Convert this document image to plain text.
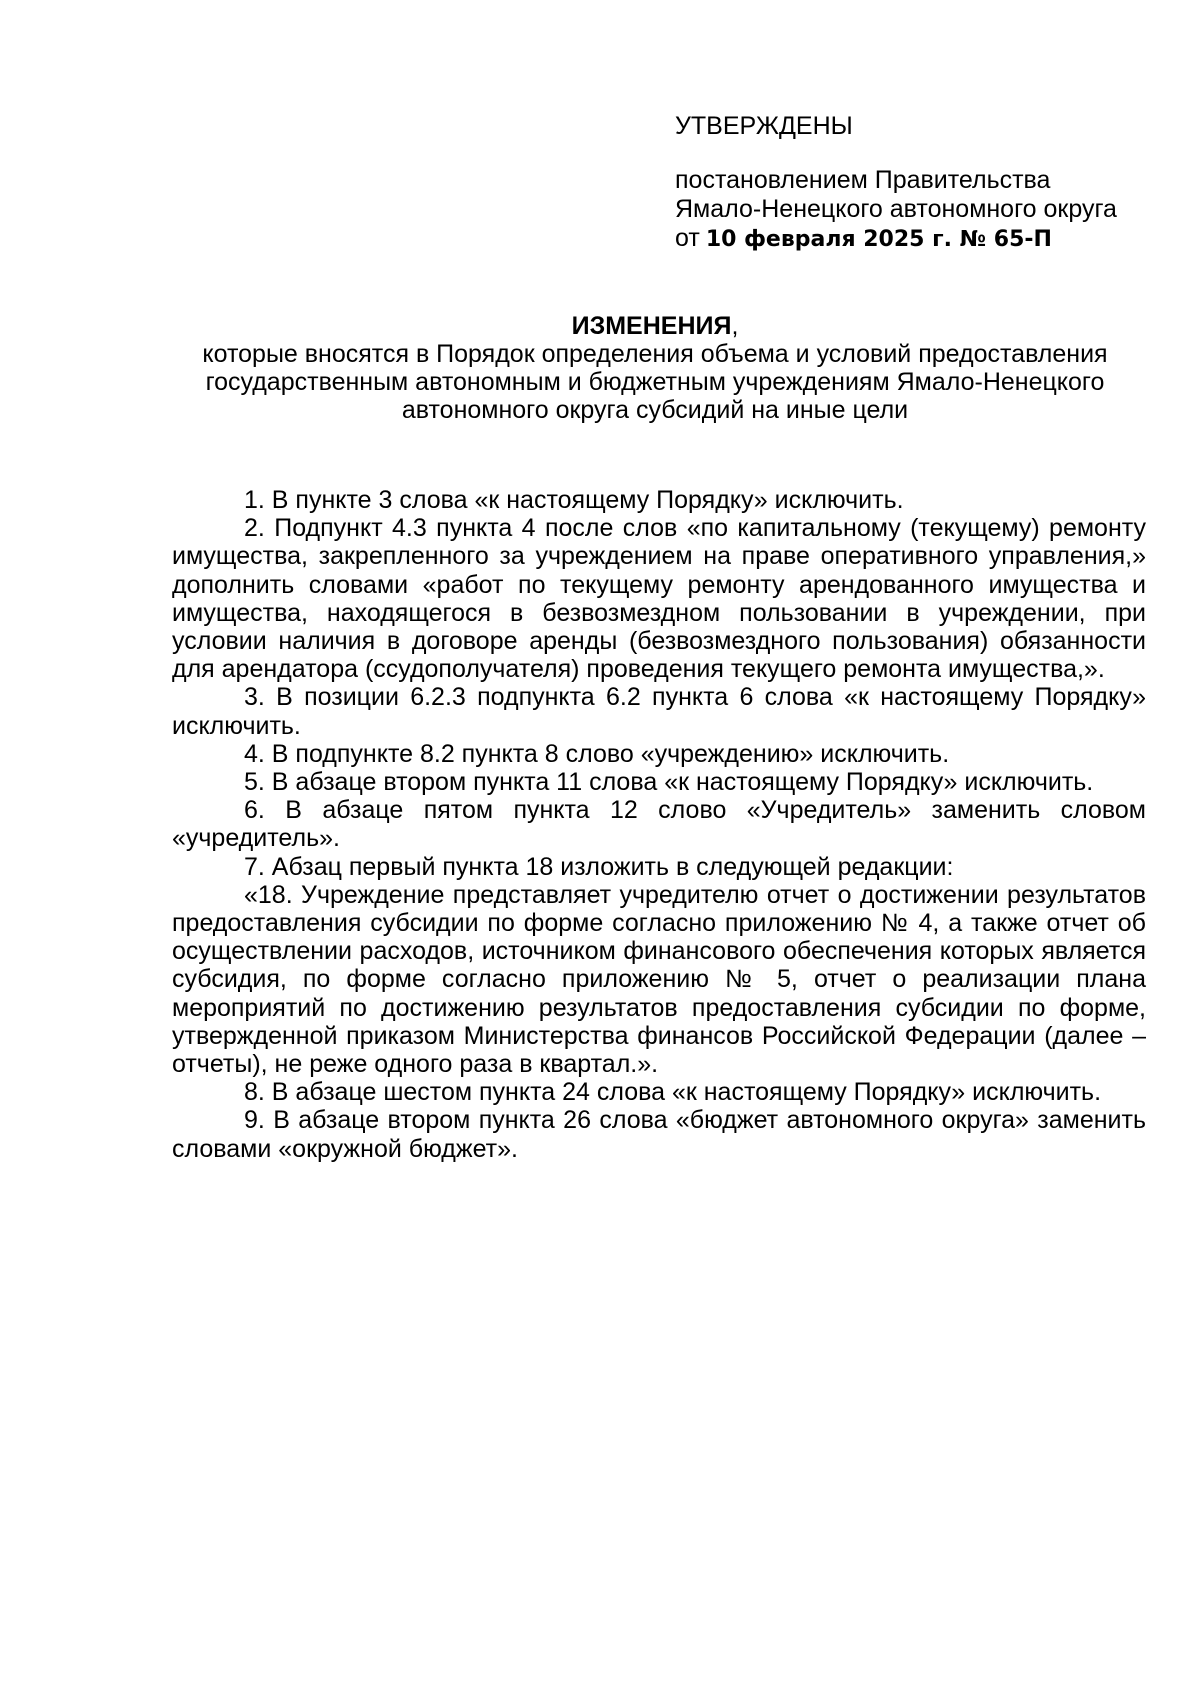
УТВЕРЖДЕНЫ

постановлением Правительства

Ямало-Ненецкого автономного округа

от 10 февраля 2025 г. № 65-П

ИЗМЕНЕНИЯ,

которые вносятся в Порядок определения объема и условий предоставления государственным автономным и бюджетным учреждениям Ямало-Ненецкого автономного округа субсидий на иные цели

1. В пункте 3 слова «к настоящему Порядку» исключить.

2. Подпункт 4.3 пункта 4 после слов «по капитальному (текущему) ремонту имущества, закрепленного за учреждением на праве оперативного управления,» дополнить словами «работ по текущему ремонту арендованного имущества и имущества, находящегося в безвозмездном пользовании в учреждении, при условии наличия в договоре аренды (безвозмездного пользования) обязанности для арендатора (ссудополучателя) проведения текущего ремонта имущества,».

3. В позиции 6.2.3 подпункта 6.2 пункта 6 слова «к настоящему Порядку» исключить.

4. В подпункте 8.2 пункта 8 слово «учреждению» исключить.

5. В абзаце втором пункта 11 слова «к настоящему Порядку» исключить.

6. В абзаце пятом пункта 12 слово «Учредитель» заменить словом «учредитель».

7. Абзац первый пункта 18 изложить в следующей редакции:

«18. Учреждение представляет учредителю отчет о достижении результатов предоставления субсидии по форме согласно приложению № 4, а также отчет об осуществлении расходов, источником финансового обеспечения которых является субсидия, по форме согласно приложению № 5, отчет о реализации плана мероприятий по достижению результатов предоставления субсидии по форме, утвержденной приказом Министерства финансов Российской Федерации (далее – отчеты), не реже одного раза в квартал.».

8. В абзаце шестом пункта 24 слова «к настоящему Порядку» исключить.

9. В абзаце втором пункта 26 слова «бюджет автономного округа» заменить словами «окружной бюджет».
